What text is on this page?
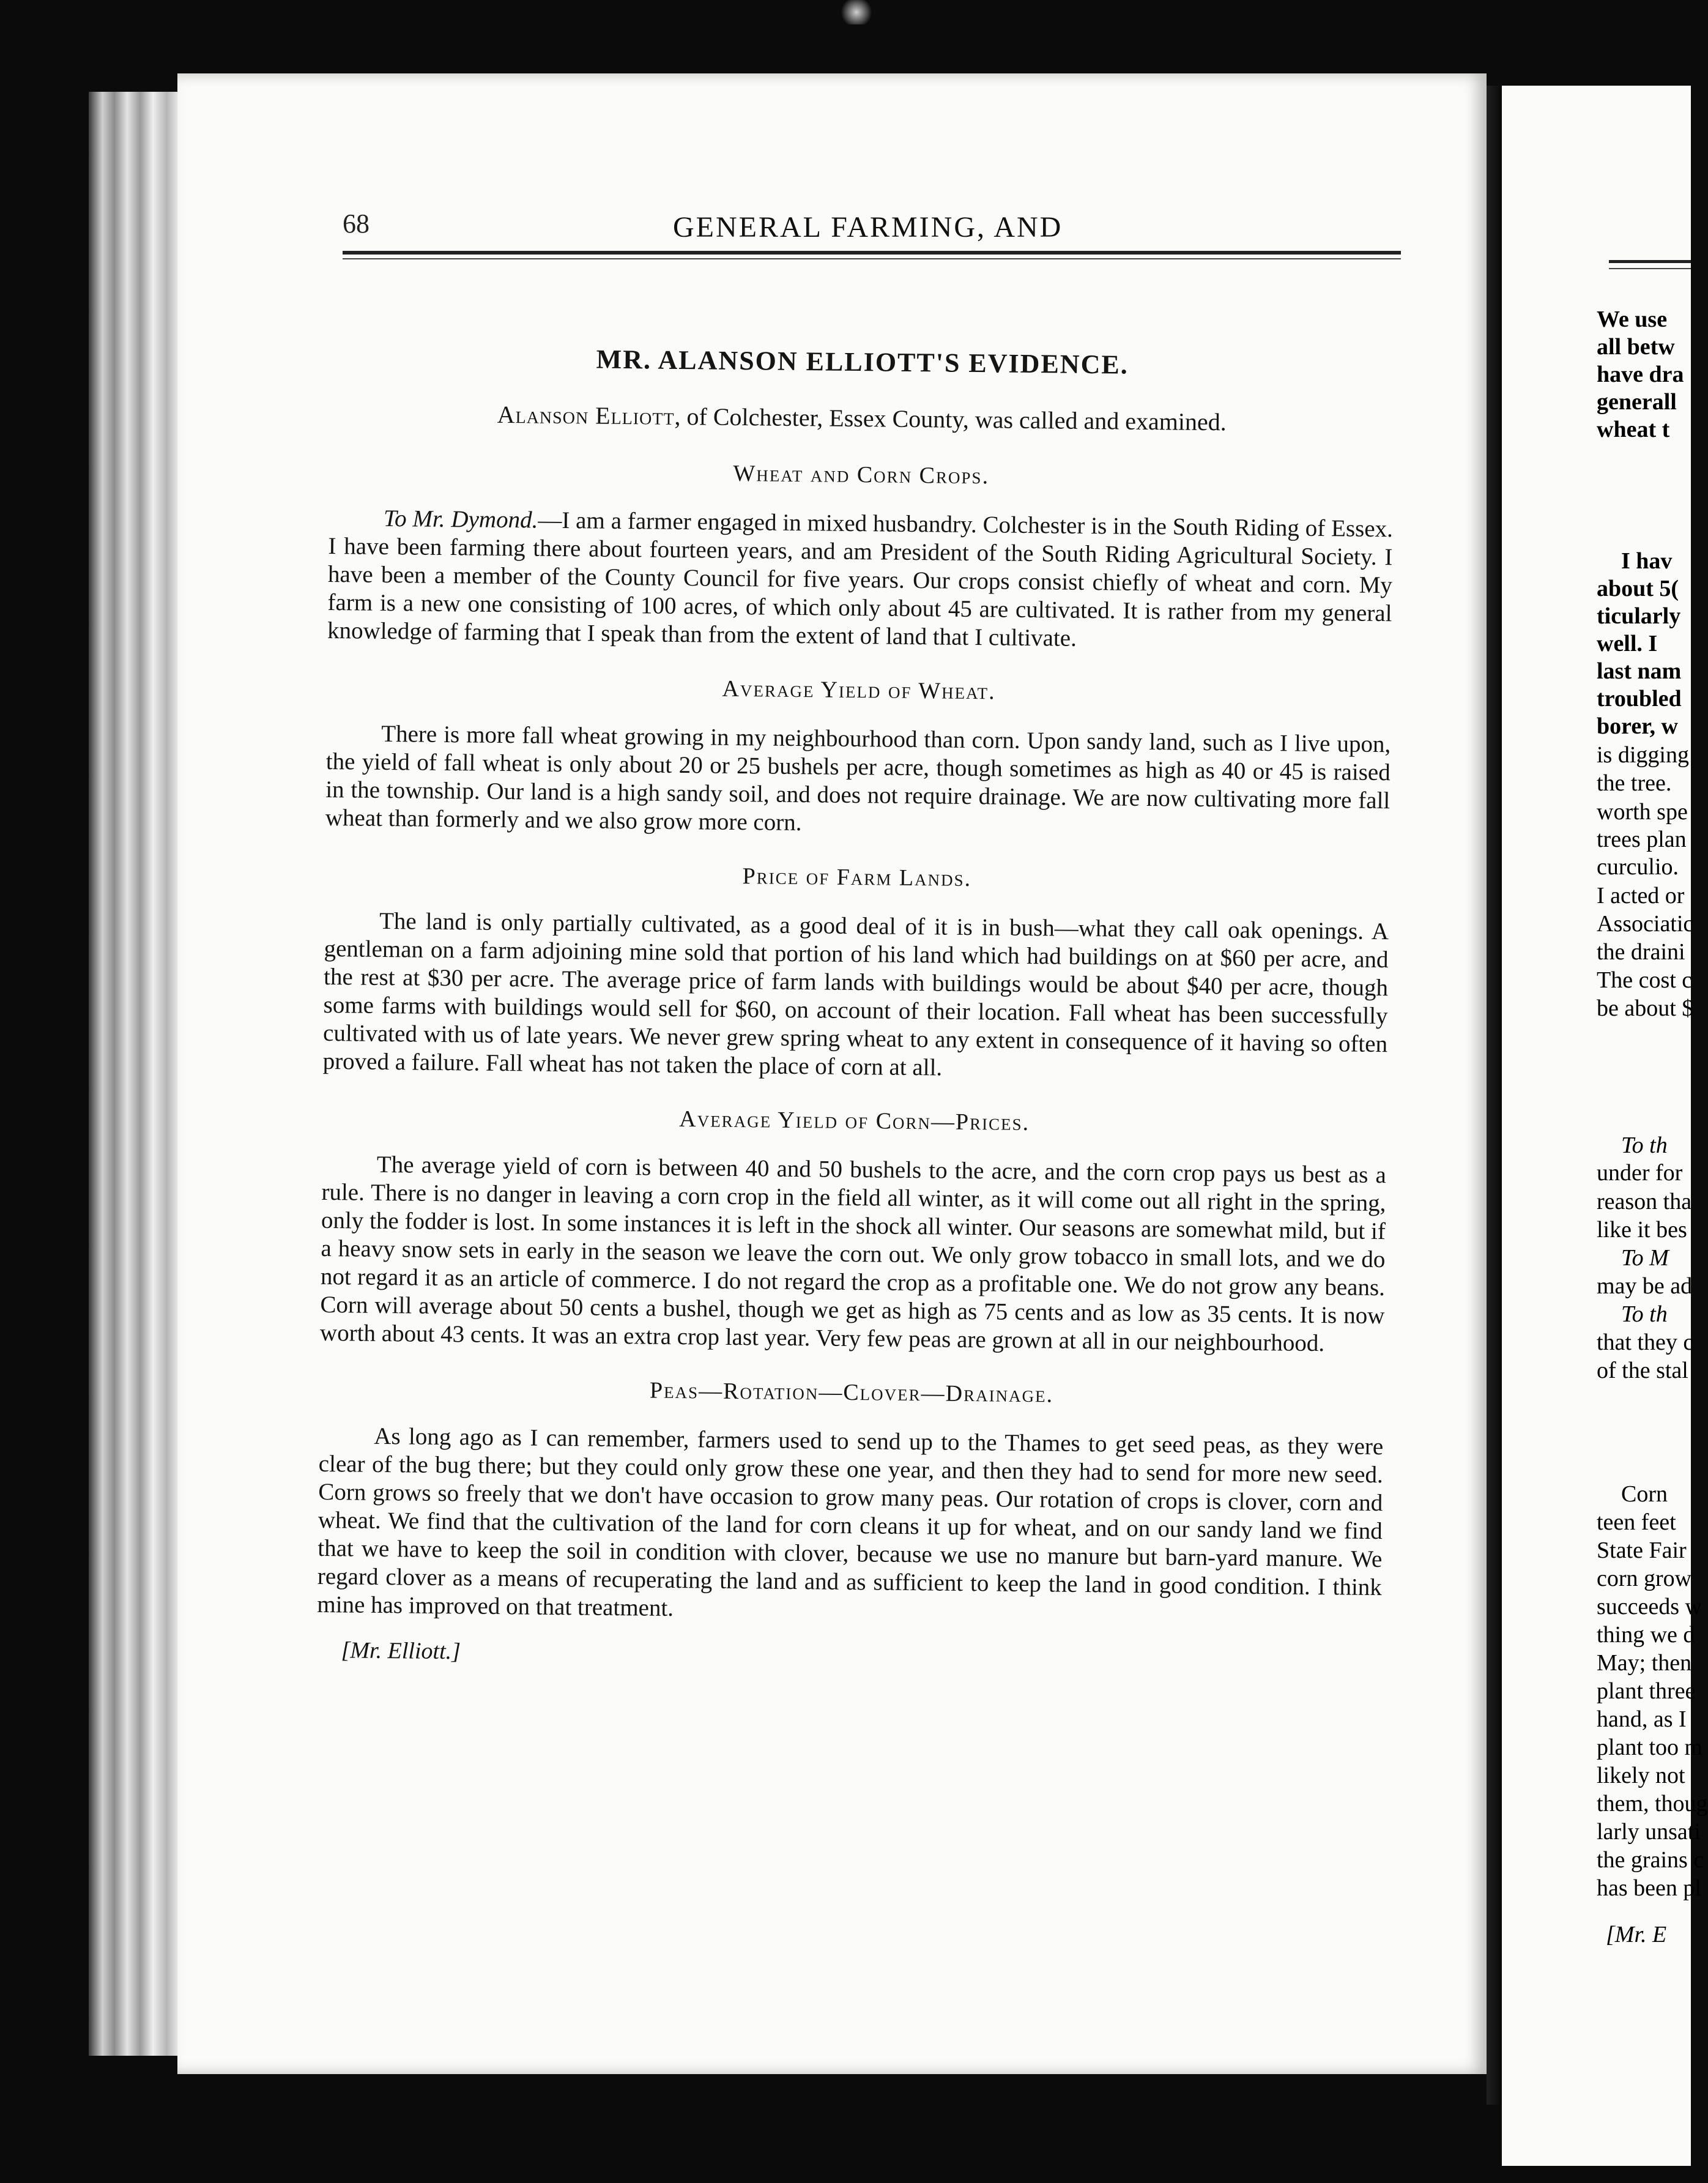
68	GENERAL FARMING, AND
MR. ALANSON ELLIOTT'S EVIDENCE.
Alanson Elliott, of Colchester, Essex County, was called and examined.
Wheat and Corn Crops.

To Mr. Dymond.—I am a farmer engaged in mixed husbandry. Colchester is in the South Riding of Essex. I have been farming there about fourteen years, and am President of the South Riding Agricultural Society. I have been a member of the County Council for five years. Our crops consist chiefly of wheat and corn. My farm is a new one consisting of 100 acres, of which only about 45 are cultivated. It is rather from my general knowledge of farming that I speak than from the extent of land that I cultivate.

Average Yield of Wheat.

There is more fall wheat growing in my neighbourhood than corn. Upon sandy land, such as I live upon, the yield of fall wheat is only about 20 or 25 bushels per acre, though sometimes as high as 40 or 45 is raised in the township. Our land is a high sandy soil, and does not require drainage. We are now cultivating more fall wheat than formerly and we also grow more corn.

Price of Farm Lands.

The land is only partially cultivated, as a good deal of it is in bush—what they call oak openings. A gentleman on a farm adjoining mine sold that portion of his land which had buildings on at $60 per acre, and the rest at $30 per acre. The average price of farm lands with buildings would be about $40 per acre, though some farms with buildings would sell for $60, on account of their location. Fall wheat has been successfully cultivated with us of late years. We never grew spring wheat to any extent in consequence of it having so often proved a failure. Fall wheat has not taken the place of corn at all.

Average Yield of Corn—Prices.

The average yield of corn is between 40 and 50 bushels to the acre, and the corn crop pays us best as a rule. There is no danger in leaving a corn crop in the field all winter, as it will come out all right in the spring, only the fodder is lost. In some instances it is left in the shock all winter. Our seasons are somewhat mild, but if a heavy snow sets in early in the season we leave the corn out. We only grow tobacco in small lots, and we do not regard it as an article of commerce. I do not regard the crop as a profitable one. We do not grow any beans. Corn will average about 50 cents a bushel, though we get as high as 75 cents and as low as 35 cents. It is now worth about 43 cents. It was an extra crop last year. Very few peas are grown at all in our neighbourhood.

Peas—Rotation—Clover—Drainage.

As long ago as I can remember, farmers used to send up to the Thames to get seed peas, as they were clear of the bug there; but they could only grow these one year, and then they had to send for more new seed. Corn grows so freely that we don't have occasion to grow many peas. Our rotation of crops is clover, corn and wheat. We find that the cultivation of the land for corn cleans it up for wheat, and on our sandy land we find that we have to keep the soil in condition with clover, because we use no manure but barn-yard manure. We regard clover as a means of recuperating the land and as sufficient to keep the land in good condition. I think mine has improved on that treatment.

[Mr. Elliott.]
We use
all betw
have dra
generall
wheat t
I hav
about 5(
ticularly
well. I
last nam
troubled
borer, w
is digging
the tree.
worth spe
trees plan
curculio.
I acted or
Associatic
the draini
The cost c
be about $
To th
under for
reason tha
like it bes
To M
may be ad
To th
that they c
of the stal
Corn
teen feet
State Fair
corn grow
succeeds w
thing we d
May; then
plant three
hand, as I
plant too m
likely not
them, thoug
larly unsati
the grains c
has been pl
[Mr. E
